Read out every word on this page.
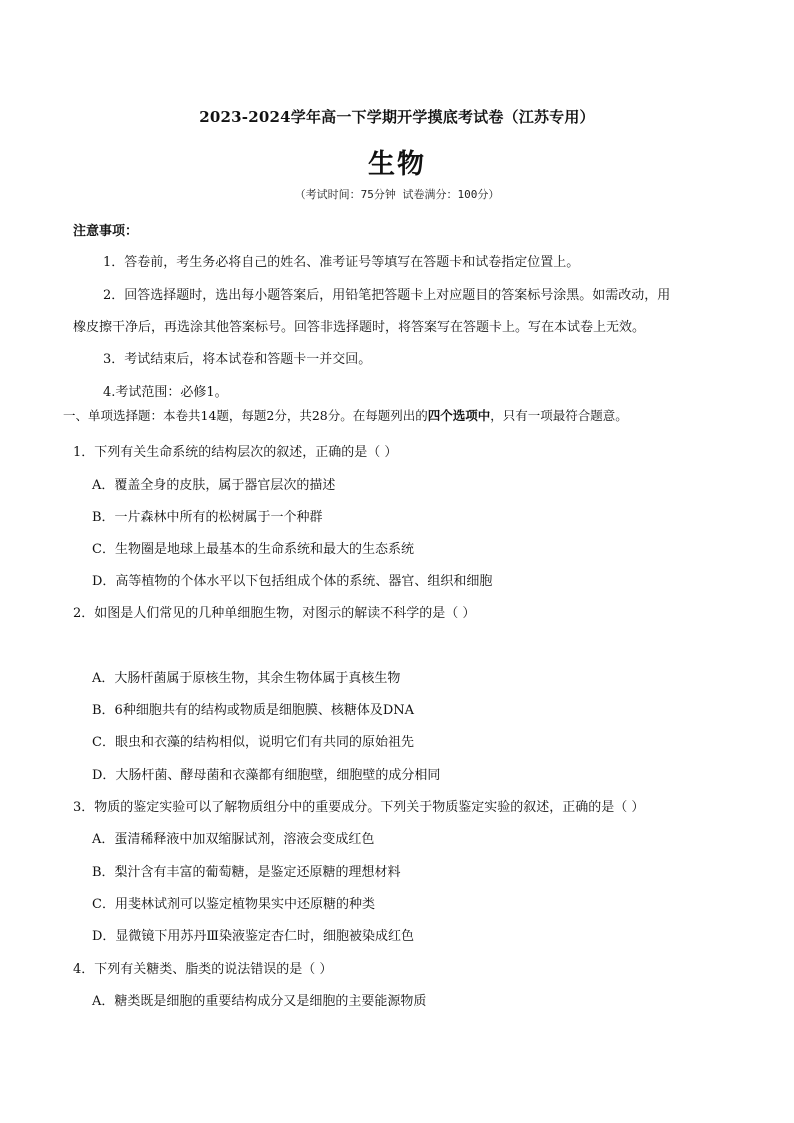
2023-2024学年高一下学期开学摸底考试卷（江苏专用）
生物
（考试时间：75分钟 试卷满分：100分）
注意事项：
1．答卷前，考生务必将自己的姓名、准考证号等填写在答题卡和试卷指定位置上。
2．回答选择题时，选出每小题答案后，用铅笔把答题卡上对应题目的答案标号涂黑。如需改动，用
橡皮擦干净后，再选涂其他答案标号。回答非选择题时，将答案写在答题卡上。写在本试卷上无效。
3．考试结束后，将本试卷和答题卡一并交回。
4.考试范围：必修1。
一、单项选择题：本卷共14题，每题2分，共28分。在每题列出的四个选项中，只有一项最符合题意。
1．下列有关生命系统的结构层次的叙述，正确的是（ ）
A．覆盖全身的皮肤，属于器官层次的描述
B．一片森林中所有的松树属于一个种群
C．生物圈是地球上最基本的生命系统和最大的生态系统
D．高等植物的个体水平以下包括组成个体的系统、器官、组织和细胞
2．如图是人们常见的几种单细胞生物，对图示的解读不科学的是（ ）
A．大肠杆菌属于原核生物，其余生物体属于真核生物
B．6种细胞共有的结构或物质是细胞膜、核糖体及DNA
C．眼虫和衣藻的结构相似，说明它们有共同的原始祖先
D．大肠杆菌、酵母菌和衣藻都有细胞壁，细胞壁的成分相同
3．物质的鉴定实验可以了解物质组分中的重要成分。下列关于物质鉴定实验的叙述，正确的是（ ）
A．蛋清稀释液中加双缩脲试剂，溶液会变成红色
B．梨汁含有丰富的葡萄糖，是鉴定还原糖的理想材料
C．用斐林试剂可以鉴定植物果实中还原糖的种类
D．显微镜下用苏丹Ⅲ染液鉴定杏仁时，细胞被染成红色
4．下列有关糖类、脂类的说法错误的是（ ）
A．糖类既是细胞的重要结构成分又是细胞的主要能源物质
